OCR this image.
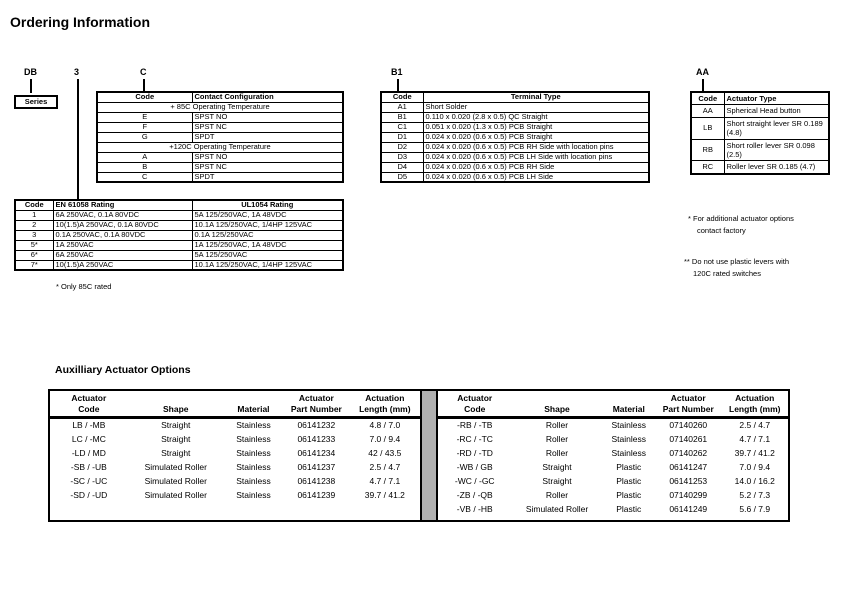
Ordering Information
DB	3	C	B1	AA
Series
Code	Contact Configuration
+ 85C Operating Temperature	
E	SPST NO
F	SPST NC
G	SPDT
+120C Operating Temperature	
A	SPST NO
B	SPST NC
C	SPDT
Code	Terminal Type
A1	Short Solder
B1	0.110 x 0.020 (2.8 x 0.5) QC Straight
C1	0.051 x 0.020 (1.3 x 0.5) PCB Straight
D1	0.024 x 0.020 (0.6 x 0.5) PCB Straight
D2	0.024 x 0.020 (0.6 x 0.5) PCB RH Side with location pins
D3	0.024 x 0.020 (0.6 x 0.5) PCB LH Side with location pins
D4	0.024 x 0.020 (0.6 x 0.5) PCB RH Side
D5	0.024 x 0.020 (0.6 x 0.5) PCB LH Side
Code	Actuator Type
AA	Spherical Head button
LB	Short straight lever SR 0.189 (4.8)
RB	Short roller lever SR 0.098 (2.5)
RC	Roller lever SR 0.185 (4.7)
Code	EN 61058 Rating	UL1054 Rating
1	6A 250VAC, 0.1A 80VDC	5A 125/250VAC, 1A 48VDC
2	10(1.5)A 250VAC, 0.1A 80VDC	10.1A 125/250VAC, 1/4HP 125VAC
3	0.1A 250VAC, 0.1A 80VDC	0.1A 125/250VAC
5*	1A 250VAC	1A 125/250VAC, 1A 48VDC
6*	6A 250VAC	5A 125/250VAC
7*	10(1.5)A 250VAC	10.1A 125/250VAC, 1/4HP 125VAC
* Only 85C rated
* For additional actuator options
contact factory
** Do not use plastic levers with
120C rated switches
Auxilliary Actuator Options
Actuator
Code	Shape	Material

Actuator
Part Number

Actuation
Length (mm)

LB / -MB	Straight	Stainless	06141232	4.8 / 7.0
LC / -MC	Straight	Stainless	06141233	7.0 / 9.4
-LD / MD	Straight	Stainless	06141234	42 / 43.5
-SB / -UB	Simulated Roller	Stainless	06141237	2.5 / 4.7
-SC / -UC	Simulated Roller	Stainless	06141238	4.7 / 7.1
-SD / -UD	Simulated Roller	Stainless	06141239	39.7 / 41.2
Actuator
Code	Shape	Material

Actuator
Part Number

Actuation
Length (mm)

-RB / -TB	Roller	Stainless	07140260	2.5 / 4.7
-RC / -TC	Roller	Stainless	07140261	4.7 / 7.1
-RD / -TD	Roller	Stainless	07140262	39.7 / 41.2
-WB / GB	Straight	Plastic	06141247	7.0 / 9.4
-WC / -GC	Straight	Plastic	06141253	14.0 / 16.2
-ZB / -QB	Roller	Plastic	07140299	5.2 / 7.3
-VB / -HB	Simulated Roller	Plastic	06141249	5.6 / 7.9
